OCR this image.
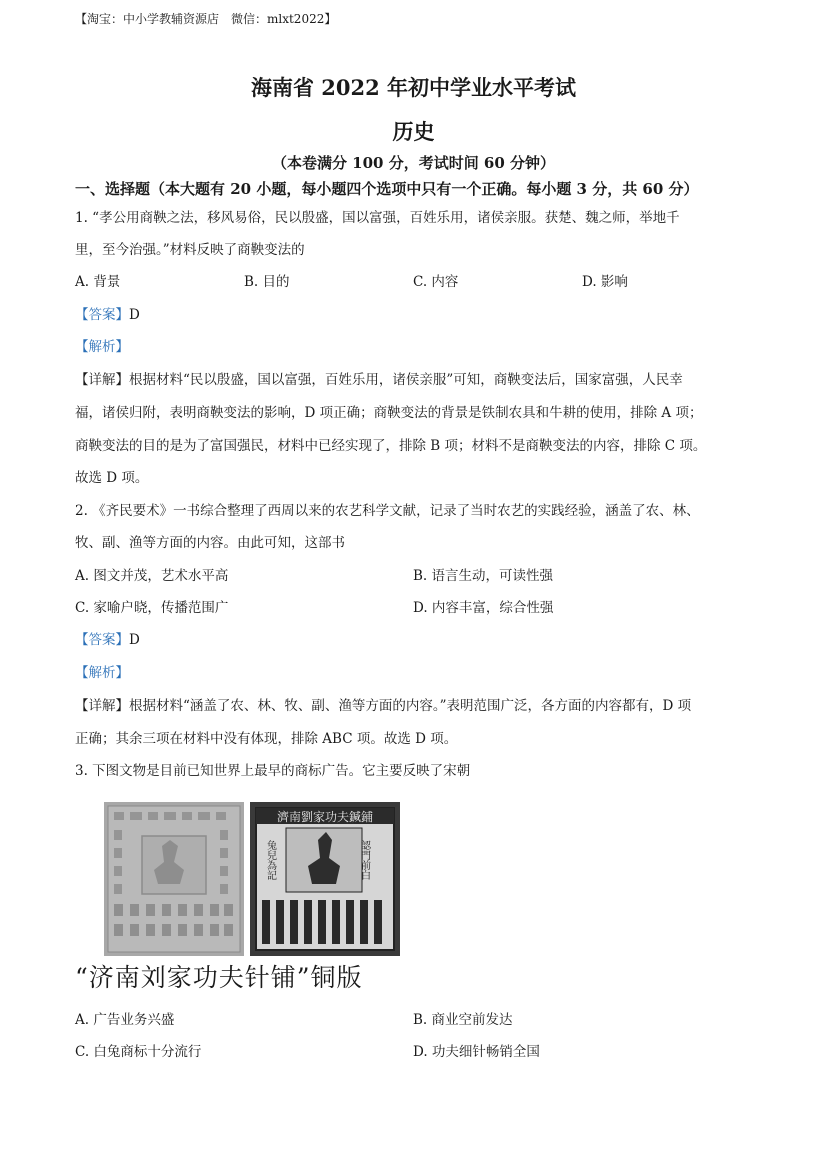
【淘宝：中小学教辅资源店　微信：mlxt2022】
海南省 2022 年初中学业水平考试
历史
（本卷满分 100 分，考试时间 60 分钟）
一、选择题（本大题有 20 小题，每小题四个选项中只有一个正确。每小题 3 分，共 60 分）
1. “孝公用商鞅之法，移风易俗，民以殷盛，国以富强，百姓乐用，诸侯亲服。获楚、魏之师，举地千
里，至今治强。”材料反映了商鞅变法的
A. 背景	B. 目的	C. 内容	D. 影响
【答案】D
【解析】
【详解】根据材料“民以殷盛，国以富强，百姓乐用，诸侯亲服”可知，商鞅变法后，国家富强，人民幸
福，诸侯归附，表明商鞅变法的影响，D 项正确；商鞅变法的背景是铁制农具和牛耕的使用，排除 A 项；
商鞅变法的目的是为了富国强民，材料中已经实现了，排除 B 项；材料不是商鞅变法的内容，排除 C 项。
故选 D 项。
2. 《齐民要术》一书综合整理了西周以来的农艺科学文献，记录了当时农艺的实践经验，涵盖了农、林、
牧、副、渔等方面的内容。由此可知，这部书
A. 图文并茂，艺术水平高	B. 语言生动，可读性强
C. 家喻户晓，传播范围广	D. 内容丰富，综合性强
【答案】D
【解析】
【详解】根据材料“涵盖了农、林、牧、副、渔等方面的内容。”表明范围广泛，各方面的内容都有，D 项
正确；其余三项在材料中没有体现，排除 ABC 项。故选 D 项。
3. 下图文物是目前已知世界上最早的商标广告。它主要反映了宋朝
濟南劉家功夫鍼鋪
認門前白
兔兒為記
“济南刘家功夫针铺”铜版
A. 广告业务兴盛	B. 商业空前发达
C. 白兔商标十分流行	D. 功夫细针畅销全国
